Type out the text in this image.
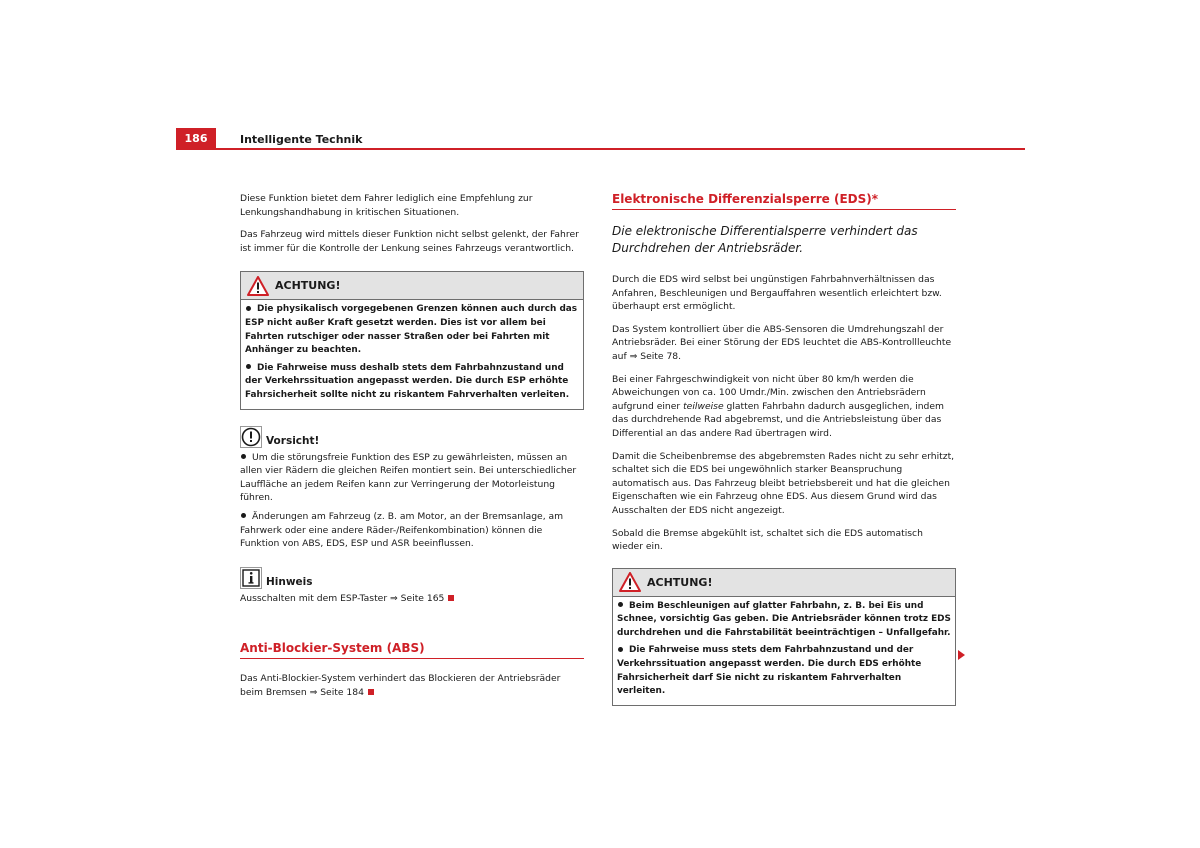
186	Intelligente Technik

Diese Funktion bietet dem Fahrer lediglich eine Empfehlung zur Lenkungshandhabung in kritischen Situationen.

Das Fahrzeug wird mittels dieser Funktion nicht selbst gelenkt, der Fahrer ist immer für die Kontrolle der Lenkung seines Fahrzeugs verantwortlich.

ACHTUNG!

Die physikalisch vorgegebenen Grenzen können auch durch das ESP nicht außer Kraft gesetzt werden. Dies ist vor allem bei Fahrten rutschiger oder nasser Straßen oder bei Fahrten mit Anhänger zu beachten.

Die Fahrweise muss deshalb stets dem Fahrbahnzustand und der Verkehrssituation angepasst werden. Die durch ESP erhöhte Fahrsicherheit sollte nicht zu riskantem Fahrverhalten verleiten.

Vorsicht!

Um die störungsfreie Funktion des ESP zu gewährleisten, müssen an allen vier Rädern die gleichen Reifen montiert sein. Bei unterschiedlicher Lauffläche an jedem Reifen kann zur Verringerung der Motorleistung führen.

Änderungen am Fahrzeug (z. B. am Motor, an der Bremsanlage, am Fahrwerk oder eine andere Räder-/Reifenkombination) können die Funktion von ABS, EDS, ESP und ASR beeinflussen.

Hinweis

Ausschalten mit dem ESP-Taster ⇒ Seite 165

Anti-Blockier-System (ABS)

Das Anti-Blockier-System verhindert das Blockieren der Antriebsräder beim Bremsen ⇒ Seite 184

Elektronische Differenzialsperre (EDS)*
Die elektronische Differentialsperre verhindert das Durchdrehen der Antriebsräder.

Durch die EDS wird selbst bei ungünstigen Fahrbahnverhältnissen das Anfahren, Beschleunigen und Bergauffahren wesentlich erleichtert bzw. überhaupt erst ermöglicht.

Das System kontrolliert über die ABS-Sensoren die Umdrehungszahl der Antriebsräder. Bei einer Störung der EDS leuchtet die ABS-Kontrollleuchte auf ⇒ Seite 78.

Bei einer Fahrgeschwindigkeit von nicht über 80 km/h werden die Abweichungen von ca. 100 Umdr./Min. zwischen den Antriebsrädern aufgrund einer teilweise glatten Fahrbahn dadurch ausgeglichen, indem das durchdrehende Rad abgebremst, und die Antriebsleistung über das Differential an das andere Rad übertragen wird.

Damit die Scheibenbremse des abgebremsten Rades nicht zu sehr erhitzt, schaltet sich die EDS bei ungewöhnlich starker Beanspruchung automatisch aus. Das Fahrzeug bleibt betriebsbereit und hat die gleichen Eigenschaften wie ein Fahrzeug ohne EDS. Aus diesem Grund wird das Ausschalten der EDS nicht angezeigt.

Sobald die Bremse abgekühlt ist, schaltet sich die EDS automatisch wieder ein.

ACHTUNG!

Beim Beschleunigen auf glatter Fahrbahn, z. B. bei Eis und Schnee, vorsichtig Gas geben. Die Antriebsräder können trotz EDS durchdrehen und die Fahrstabilität beeinträchtigen – Unfallgefahr.

Die Fahrweise muss stets dem Fahrbahnzustand und der Verkehrssituation angepasst werden. Die durch EDS erhöhte Fahrsicherheit darf Sie nicht zu riskantem Fahrverhalten verleiten.
